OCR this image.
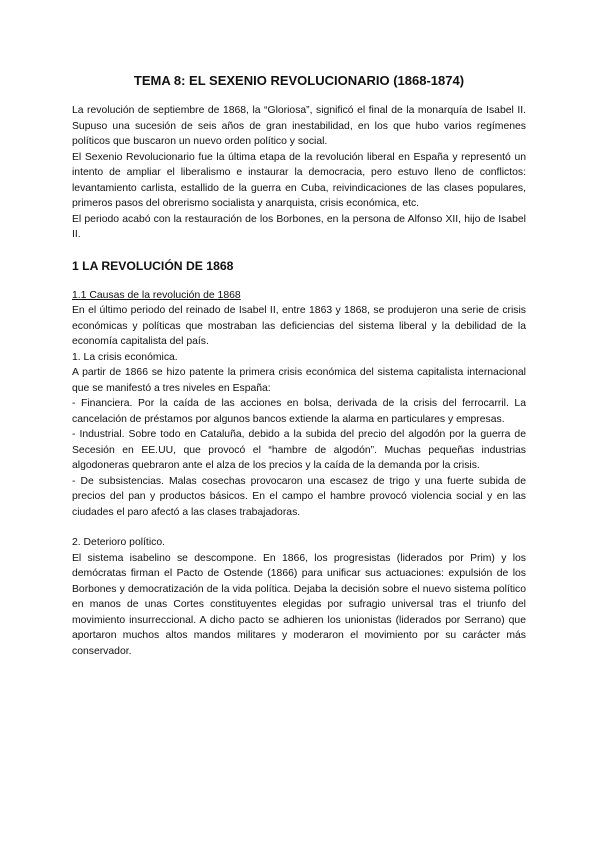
TEMA 8: EL SEXENIO REVOLUCIONARIO (1868-1874)

La revolución de septiembre de 1868, la “Gloriosa”, significó el final de la monarquía de Isabel II. Supuso una sucesión de seis años de gran inestabilidad, en los que hubo varios regímenes políticos que buscaron un nuevo orden político y social.

El Sexenio Revolucionario fue la última etapa de la revolución liberal en España y representó un intento de ampliar el liberalismo e instaurar la democracia, pero estuvo lleno de conflictos: levantamiento carlista, estallido de la guerra en Cuba, reivindicaciones de las clases populares, primeros pasos del obrerismo socialista y anarquista, crisis económica, etc.

El periodo acabó con la restauración de los Borbones, en la persona de Alfonso XII, hijo de Isabel II.

1 LA REVOLUCIÓN DE 1868
1.1 Causas de la revolución de 1868

En el último periodo del reinado de Isabel II, entre 1863 y 1868, se produjeron una serie de crisis económicas y políticas que mostraban las deficiencias del sistema liberal y la debilidad de la economía capitalista del país.

1. La crisis económica.

A partir de 1866 se hizo patente la primera crisis económica del sistema capitalista internacional que se manifestó a tres niveles en España:

- Financiera. Por la caída de las acciones en bolsa, derivada de la crisis del ferrocarril. La cancelación de préstamos por algunos bancos extiende la alarma en particulares y empresas.

- Industrial. Sobre todo en Cataluña, debido a la subida del precio del algodón por la guerra de Secesión en EE.UU, que provocó el “hambre de algodón”. Muchas pequeñas industrias algodoneras quebraron ante el alza de los precios y la caída de la demanda por la crisis.

- De subsistencias. Malas cosechas provocaron una escasez de trigo y una fuerte subida de precios del pan y productos básicos. En el campo el hambre provocó violencia social y en las ciudades el paro afectó a las clases trabajadoras.

2. Deterioro político.

El sistema isabelino se descompone. En 1866, los progresistas (liderados por Prim) y los demócratas firman el Pacto de Ostende (1866) para unificar sus actuaciones: expulsión de los Borbones y democratización de la vida política. Dejaba la decisión sobre el nuevo sistema político en manos de unas Cortes constituyentes elegidas por sufragio universal tras el triunfo del movimiento insurreccional. A dicho pacto se adhieren los unionistas (liderados por Serrano) que aportaron muchos altos mandos militares y moderaron el movimiento por su carácter más conservador.
